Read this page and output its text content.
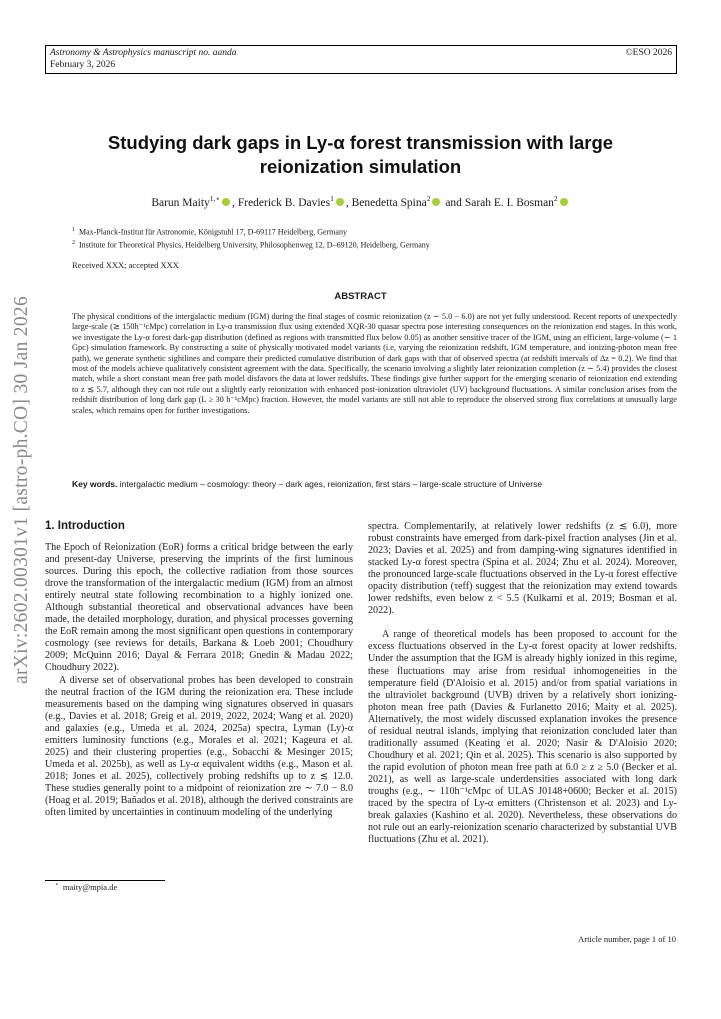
Astronomy & Astrophysics manuscript no. aanda
February 3, 2026
©ESO 2026
arXiv:2602.00301v1 [astro-ph.CO] 30 Jan 2026
Studying dark gaps in Ly-α forest transmission with large reionization simulation
Barun Maity$^{1,⋆}$ , Frederick B. Davies$^1$ , Benedetta Spina$^2$ and Sarah E. I. Bosman$^2$
$^1$ Max-Planck-Institut für Astronomie, Königstuhl 17, D-69117 Heidelberg, Germany
$^2$ Institute for Theoretical Physics, Heidelberg University, Philosophenweg 12, D–69120, Heidelberg, Germany
Received XXX; accepted XXX
ABSTRACT
The physical conditions of the intergalactic medium (IGM) during the final stages of cosmic reionization (z ∼ 5.0 − 6.0) are not yet fully understood. Recent reports of unexpectedly large-scale (≳ 150h⁻¹cMpc) correlation in Ly-α transmission flux using extended XQR-30 quasar spectra pose interesting consequences on the reionization end stages. In this work, we investigate the Ly-α forest dark-gap distribution (defined as regions with transmitted flux below 0.05) as another sensitive tracer of the IGM, using an efficient, large-volume (∼ 1 Gpc) simulation framework. By constructing a suite of physically motivated model variants (i.e, varying the reionization redshift, IGM temperature, and ionizing-photon mean free path), we generate synthetic sightlines and compare their predicted cumulative distribution of dark gaps with that of observed spectra (at redshift intervals of Δz = 0.2). We find that most of the models achieve qualitatively consistent agreement with the data. Specifically, the scenario involving a slightly later reionization completion (z ∼ 5.4) provides the closest match, while a short constant mean free path model disfavors the data at lower redshifts. These findings give further support for the emerging scenario of reionization end extending to z ≲ 5.7, although they can not rule out a slightly early reionization with enhanced post-ionization ultraviolet (UV) background fluctuations. A similar conclusion arises from the redshift distribution of long dark gap (L ≥ 30 h⁻¹cMpc) fraction. However, the model variants are still not able to reproduce the observed strong flux correlations at unusually large scales, which remains open for further investigations.
Key words. intergalactic medium – cosmology: theory – dark ages, reionization, first stars – large-scale structure of Universe
1. Introduction

The Epoch of Reionization (EoR) forms a critical bridge between the early and present-day Universe, preserving the imprints of the first luminous sources. During this epoch, the collective radiation from those sources drove the transformation of the intergalactic medium (IGM) from an almost entirely neutral state following recombination to a highly ionized one. Although substantial theoretical and observational advances have been made, the detailed morphology, duration, and physical processes governing the EoR remain among the most significant open questions in contemporary cosmology (see reviews for details, Barkana & Loeb 2001; Choudhury 2009; McQuinn 2016; Dayal & Ferrara 2018; Gnedin & Madau 2022; Choudhury 2022).

A diverse set of observational probes has been developed to constrain the neutral fraction of the IGM during the reionization era. These include measurements based on the damping wing signatures observed in quasars (e.g., Davies et al. 2018; Greig et al. 2019, 2022, 2024; Wang et al. 2020) and galaxies (e.g., Umeda et al. 2024, 2025a) spectra, Lyman (Ly)-α emitters luminosity functions (e.g., Morales et al. 2021; Kageura et al. 2025) and their clustering properties (e.g., Sobacchi & Mesinger 2015; Umeda et al. 2025b), as well as Ly-α equivalent widths (e.g., Mason et al. 2018; Jones et al. 2025), collectively probing redshifts up to z ≲ 12.0. These studies generally point to a midpoint of reionization zre ∼ 7.0 − 8.0 (Hoag et al. 2019; Bañados et al. 2018), although the derived constraints are often limited by uncertainties in continuum modeling of the underlying

spectra. Complementarily, at relatively lower redshifts (z ≲ 6.0), more robust constraints have emerged from dark-pixel fraction analyses (Jin et al. 2023; Davies et al. 2025) and from damping-wing signatures identified in stacked Ly-α forest spectra (Spina et al. 2024; Zhu et al. 2024). Moreover, the pronounced large-scale fluctuations observed in the Ly-α forest effective opacity distribution (τeff) suggest that the reionization may extend towards lower redshifts, even below z < 5.5 (Kulkarni et al. 2019; Bosman et al. 2022).

A range of theoretical models has been proposed to account for the excess fluctuations observed in the Ly-α forest opacity at lower redshifts. Under the assumption that the IGM is already highly ionized in this regime, these fluctuations may arise from residual inhomogeneities in the temperature field (D'Aloisio et al. 2015) and/or from spatial variations in the ultraviolet background (UVB) driven by a relatively short ionizing-photon mean free path (Davies & Furlanetto 2016; Maity et al. 2025). Alternatively, the most widely discussed explanation invokes the presence of residual neutral islands, implying that reionization concluded later than traditionally assumed (Keating et al. 2020; Nasir & D'Aloisio 2020; Choudhury et al. 2021; Qin et al. 2025). This scenario is also supported by the rapid evolution of photon mean free path at 6.0 ≥ z ≥ 5.0 (Becker et al. 2021), as well as large-scale underdensities associated with long dark troughs (e.g., ∼ 110h⁻¹cMpc of ULAS J0148+0600; Becker et al. 2015) traced by the spectra of Ly-α emitters (Christenson et al. 2023) and Ly-break galaxies (Kashino et al. 2020). Nevertheless, these observations do not rule out an early-reionization scenario characterized by substantial UVB fluctuations (Zhu et al. 2021).

⋆ maity@mpia.de
Article number, page 1 of 10
